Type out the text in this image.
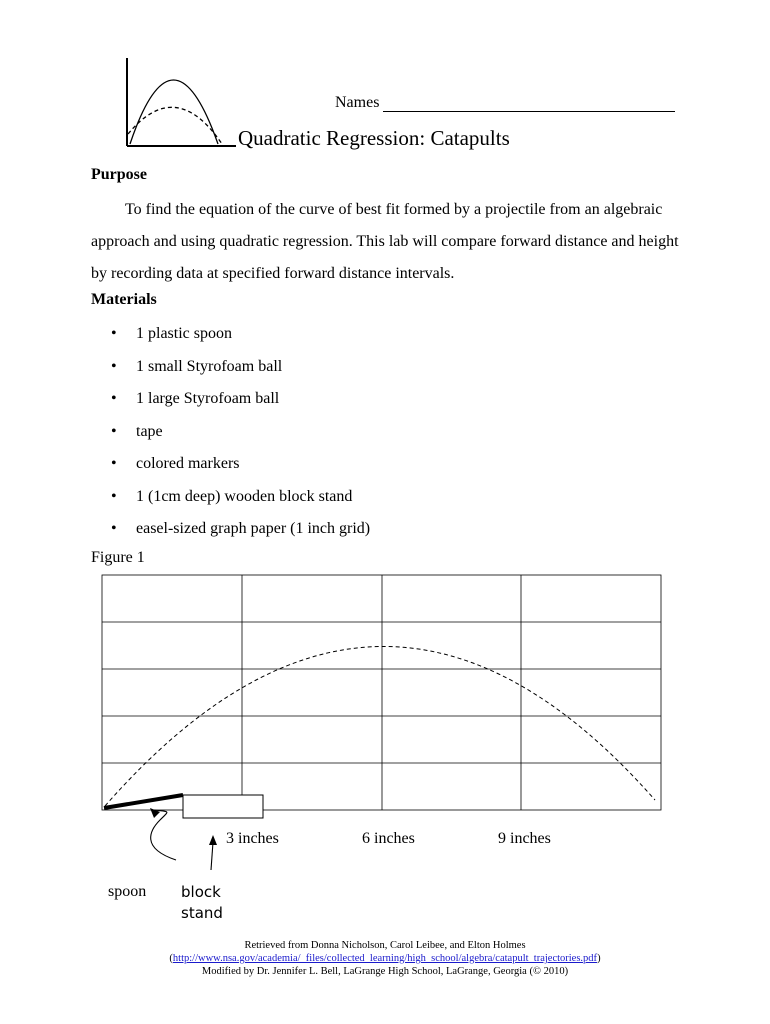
Names
Quadratic Regression: Catapults
Purpose
To find the equation of the curve of best fit formed by a projectile from an algebraic approach and using quadratic regression. This lab will compare forward distance and height by recording data at specified forward distance intervals.
Materials
• 1 plastic spoon
• 1 small Styrofoam ball
• 1 large Styrofoam ball
• tape
• colored markers
• 1 (1cm deep) wooden block stand
• easel-sized graph paper (1 inch grid)
Figure 1
3 inches	6 inches	9 inches
spoon block
stand
Retrieved from Donna Nicholson, Carol Leibee, and Elton Holmes
(http://www.nsa.gov/academia/_files/collected_learning/high_school/algebra/catapult_trajectories.pdf)
Modified by Dr. Jennifer L. Bell, LaGrange High School, LaGrange, Georgia (© 2010)
